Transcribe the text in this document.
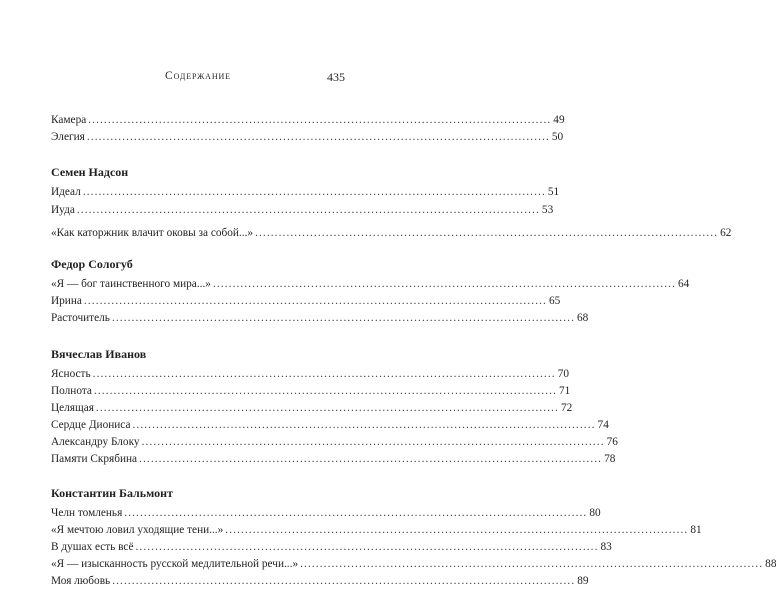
Содержание	435
Камера .....	49
Элегия .....	50
Семен Надсон
Идеал .....	51
Иуда .....	53
«Как каторжник влачит оковы за собой...» .....	62
Федор Сологуб
«Я — бог таинственного мира...» .....	64
Ирина .....	65
Расточитель .....	68
Вячеслав Иванов
Ясность .....	70
Полнота .....	71
Целящая .....	72
Сердце Диониса .....	74
Александру Блоку .....	76
Памяти Скрябина .....	78
Константин Бальмонт
Челн томленья .....	80
«Я мечтою ловил уходящие тени...» .....	81
В душах есть всё .....	83
«Я — изысканность русской медлительной речи...» .....	88
Моя любовь .....	89
